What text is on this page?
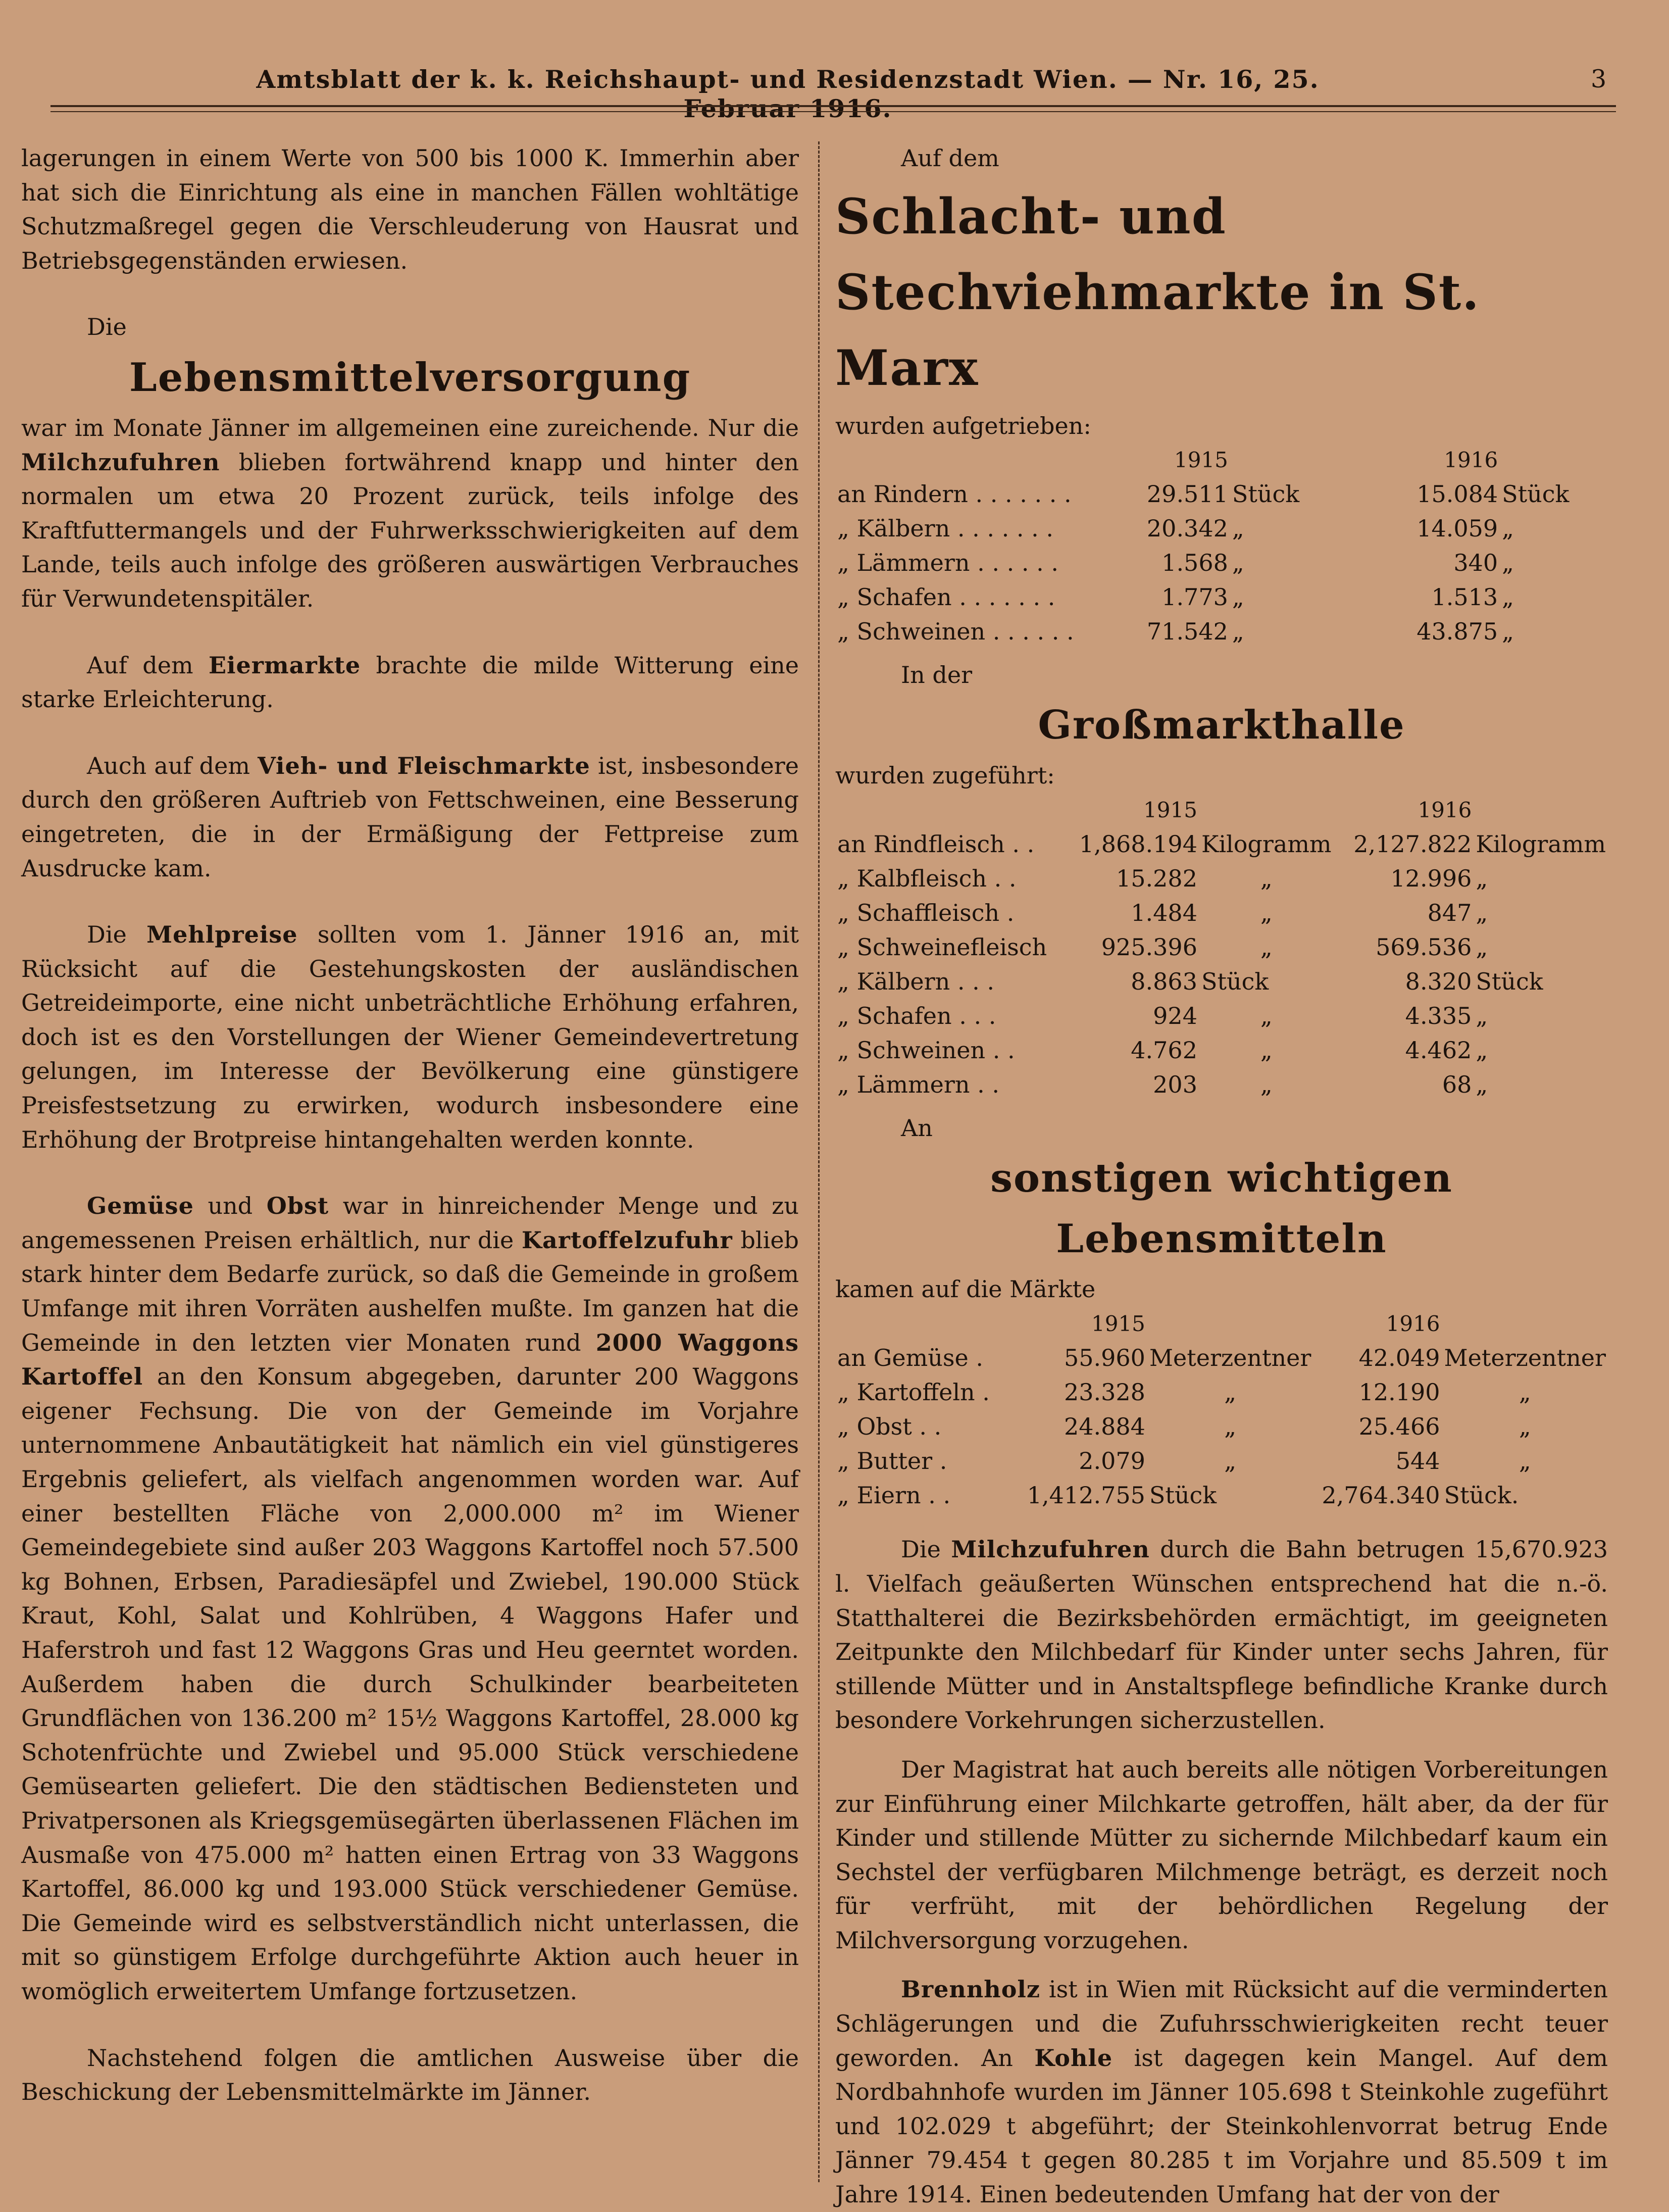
Amtsblatt der k. k. Reichshaupt- und Residenzstadt Wien. — Nr. 16, 25. Februar 1916.
3

lagerungen in einem Werte von 500 bis 1000 K. Immerhin aber hat sich die Einrichtung als eine in manchen Fällen wohltätige Schutzmaßregel gegen die Verschleuderung von Hausrat und Betriebsgegenständen erwiesen.

Die

Lebensmittelversorgung

war im Monate Jänner im allgemeinen eine zureichende. Nur die Milchzufuhren blieben fortwährend knapp und hinter den normalen um etwa 20 Prozent zurück, teils infolge des Kraftfuttermangels und der Fuhrwerksschwierigkeiten auf dem Lande, teils auch infolge des größeren auswärtigen Verbrauches für Verwundetenspitäler.

Auf dem Eiermarkte brachte die milde Witterung eine starke Erleichterung.

Auch auf dem Vieh- und Fleischmarkte ist, insbesondere durch den größeren Auftrieb von Fettschweinen, eine Besserung eingetreten, die in der Ermäßigung der Fettpreise zum Ausdrucke kam.

Die Mehlpreise sollten vom 1. Jänner 1916 an, mit Rücksicht auf die Gestehungskosten der ausländischen Getreideimporte, eine nicht unbeträchtliche Erhöhung erfahren, doch ist es den Vorstellungen der Wiener Gemeindevertretung gelungen, im Interesse der Bevölkerung eine günstigere Preisfestsetzung zu erwirken, wodurch insbesondere eine Erhöhung der Brotpreise hintangehalten werden konnte.

Gemüse und Obst war in hinreichender Menge und zu angemessenen Preisen erhältlich, nur die Kartoffelzufuhr blieb stark hinter dem Bedarfe zurück, so daß die Gemeinde in großem Umfange mit ihren Vorräten aushelfen mußte. Im ganzen hat die Gemeinde in den letzten vier Monaten rund 2000 Waggons Kartoffel an den Konsum abgegeben, darunter 200 Waggons eigener Fechsung. Die von der Gemeinde im Vorjahre unternommene Anbautätigkeit hat nämlich ein viel günstigeres Ergebnis geliefert, als vielfach angenommen worden war. Auf einer bestellten Fläche von 2,000.000 m² im Wiener Gemeindegebiete sind außer 203 Waggons Kartoffel noch 57.500 kg Bohnen, Erbsen, Paradiesäpfel und Zwiebel, 190.000 Stück Kraut, Kohl, Salat und Kohlrüben, 4 Waggons Hafer und Haferstroh und fast 12 Waggons Gras und Heu geerntet worden. Außerdem haben die durch Schulkinder bearbeiteten Grundflächen von 136.200 m² 15½ Waggons Kartoffel, 28.000 kg Schotenfrüchte und Zwiebel und 95.000 Stück verschiedene Gemüsearten geliefert. Die den städtischen Bediensteten und Privatpersonen als Kriegsgemüsegärten überlassenen Flächen im Ausmaße von 475.000 m² hatten einen Ertrag von 33 Waggons Kartoffel, 86.000 kg und 193.000 Stück verschiedener Gemüse. Die Gemeinde wird es selbstverständlich nicht unterlassen, die mit so günstigem Erfolge durchgeführte Aktion auch heuer in womöglich erweitertem Umfange fortzusetzen.

Nachstehend folgen die amtlichen Ausweise über die Beschickung der Lebensmittelmärkte im Jänner.

Auf dem

Schlacht- und Stechviehmarkte in St. Marx

wurden aufgetrieben:

	1915		1916	
an Rindern . . . . . . .	29.511	Stück	15.084	Stück
„ Kälbern . . . . . . .	20.342	„	14.059	„
„ Lämmern . . . . . .	1.568	„	340	„
„ Schafen . . . . . . .	1.773	„	1.513	„
„ Schweinen . . . . . .	71.542	„	43.875	„

In der

Großmarkthalle

wurden zugeführt:

	1915		1916	
an Rindfleisch . .	1,868.194	Kilogramm	2,127.822	Kilogramm
„ Kalbfleisch . .	15.282	„	12.996	„
„ Schaffleisch .	1.484	„	847	„
„ Schweinefleisch	925.396	„	569.536	„
„ Kälbern . . .	8.863	Stück	8.320	Stück
„ Schafen . . .	924	„	4.335	„
„ Schweinen . .	4.762	„	4.462	„
„ Lämmern . .	203	„	68	„

An

sonstigen wichtigen Lebensmitteln

kamen auf die Märkte

	1915		1916	
an Gemüse .	55.960	Meterzentner	42.049	Meterzentner
„ Kartoffeln .	23.328	„	12.190	„
„ Obst . .	24.884	„	25.466	„
„ Butter .	2.079	„	544	„
„ Eiern . .	1,412.755	Stück	2,764.340	Stück.

Die Milchzufuhren durch die Bahn betrugen 15,670.923 l. Vielfach geäußerten Wünschen entsprechend hat die n.-ö. Statthalterei die Bezirksbehörden ermächtigt, im geeigneten Zeitpunkte den Milchbedarf für Kinder unter sechs Jahren, für stillende Mütter und in Anstaltspflege befindliche Kranke durch besondere Vorkehrungen sicherzustellen.

Der Magistrat hat auch bereits alle nötigen Vorbereitungen zur Einführung einer Milchkarte getroffen, hält aber, da der für Kinder und stillende Mütter zu sichernde Milchbedarf kaum ein Sechstel der verfügbaren Milchmenge beträgt, es derzeit noch für verfrüht, mit der behördlichen Regelung der Milchversorgung vorzugehen.

Brennholz ist in Wien mit Rücksicht auf die verminderten Schlägerungen und die Zufuhrsschwierigkeiten recht teuer geworden. An Kohle ist dagegen kein Mangel. Auf dem Nordbahnhofe wurden im Jänner 105.698 t Steinkohle zugeführt und 102.029 t abgeführt; der Steinkohlenvorrat betrug Ende Jänner 79.454 t gegen 80.285 t im Vorjahre und 85.509 t im Jahre 1914. Einen bedeutenden Umfang hat der von der
